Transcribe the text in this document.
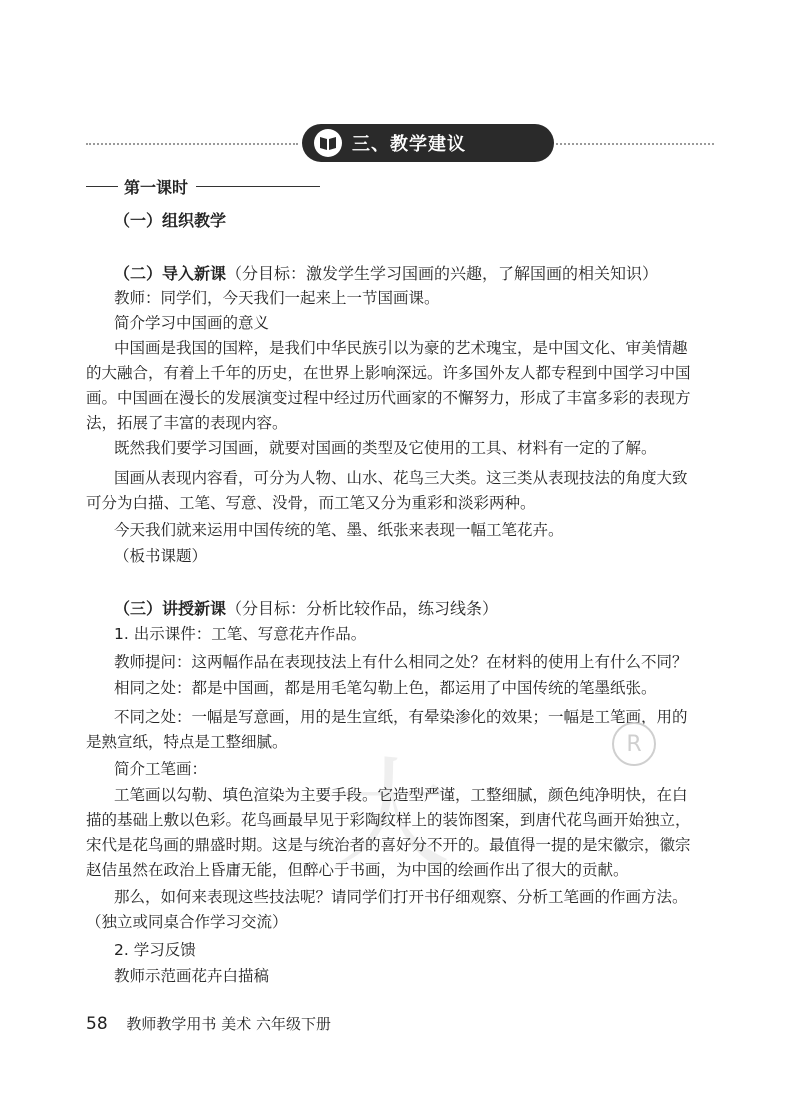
三、教学建议
第一课时
（一）组织教学
（二）导入新课（分目标：激发学生学习国画的兴趣，了解国画的相关知识）
教师：同学们，今天我们一起来上一节国画课。
简介学习中国画的意义
中国画是我国的国粹，是我们中华民族引以为豪的艺术瑰宝，是中国文化、审美情趣
的大融合，有着上千年的历史，在世界上影响深远。许多国外友人都专程到中国学习中国
画。中国画在漫长的发展演变过程中经过历代画家的不懈努力，形成了丰富多彩的表现方
法，拓展了丰富的表现内容。
既然我们要学习国画，就要对国画的类型及它使用的工具、材料有一定的了解。
国画从表现内容看，可分为人物、山水、花鸟三大类。这三类从表现技法的角度大致
可分为白描、工笔、写意、没骨，而工笔又分为重彩和淡彩两种。
今天我们就来运用中国传统的笔、墨、纸张来表现一幅工笔花卉。
（板书课题）
（三）讲授新课（分目标：分析比较作品，练习线条）
1. 出示课件：工笔、写意花卉作品。
教师提问：这两幅作品在表现技法上有什么相同之处？在材料的使用上有什么不同？
相同之处：都是中国画，都是用毛笔勾勒上色，都运用了中国传统的笔墨纸张。
不同之处：一幅是写意画，用的是生宣纸，有晕染渗化的效果；一幅是工笔画，用的
是熟宣纸，特点是工整细腻。
简介工笔画：
工笔画以勾勒、填色渲染为主要手段。它造型严谨，工整细腻，颜色纯净明快，在白
描的基础上敷以色彩。花鸟画最早见于彩陶纹样上的装饰图案，到唐代花鸟画开始独立，
宋代是花鸟画的鼎盛时期。这是与统治者的喜好分不开的。最值得一提的是宋徽宗，徽宗
赵佶虽然在政治上昏庸无能，但醉心于书画，为中国的绘画作出了很大的贡献。
那么，如何来表现这些技法呢？请同学们打开书仔细观察、分析工笔画的作画方法。
（独立或同桌合作学习交流）
2. 学习反馈
教师示范画花卉白描稿
⼤
R
58 教师教学用书 美术 六年级下册
